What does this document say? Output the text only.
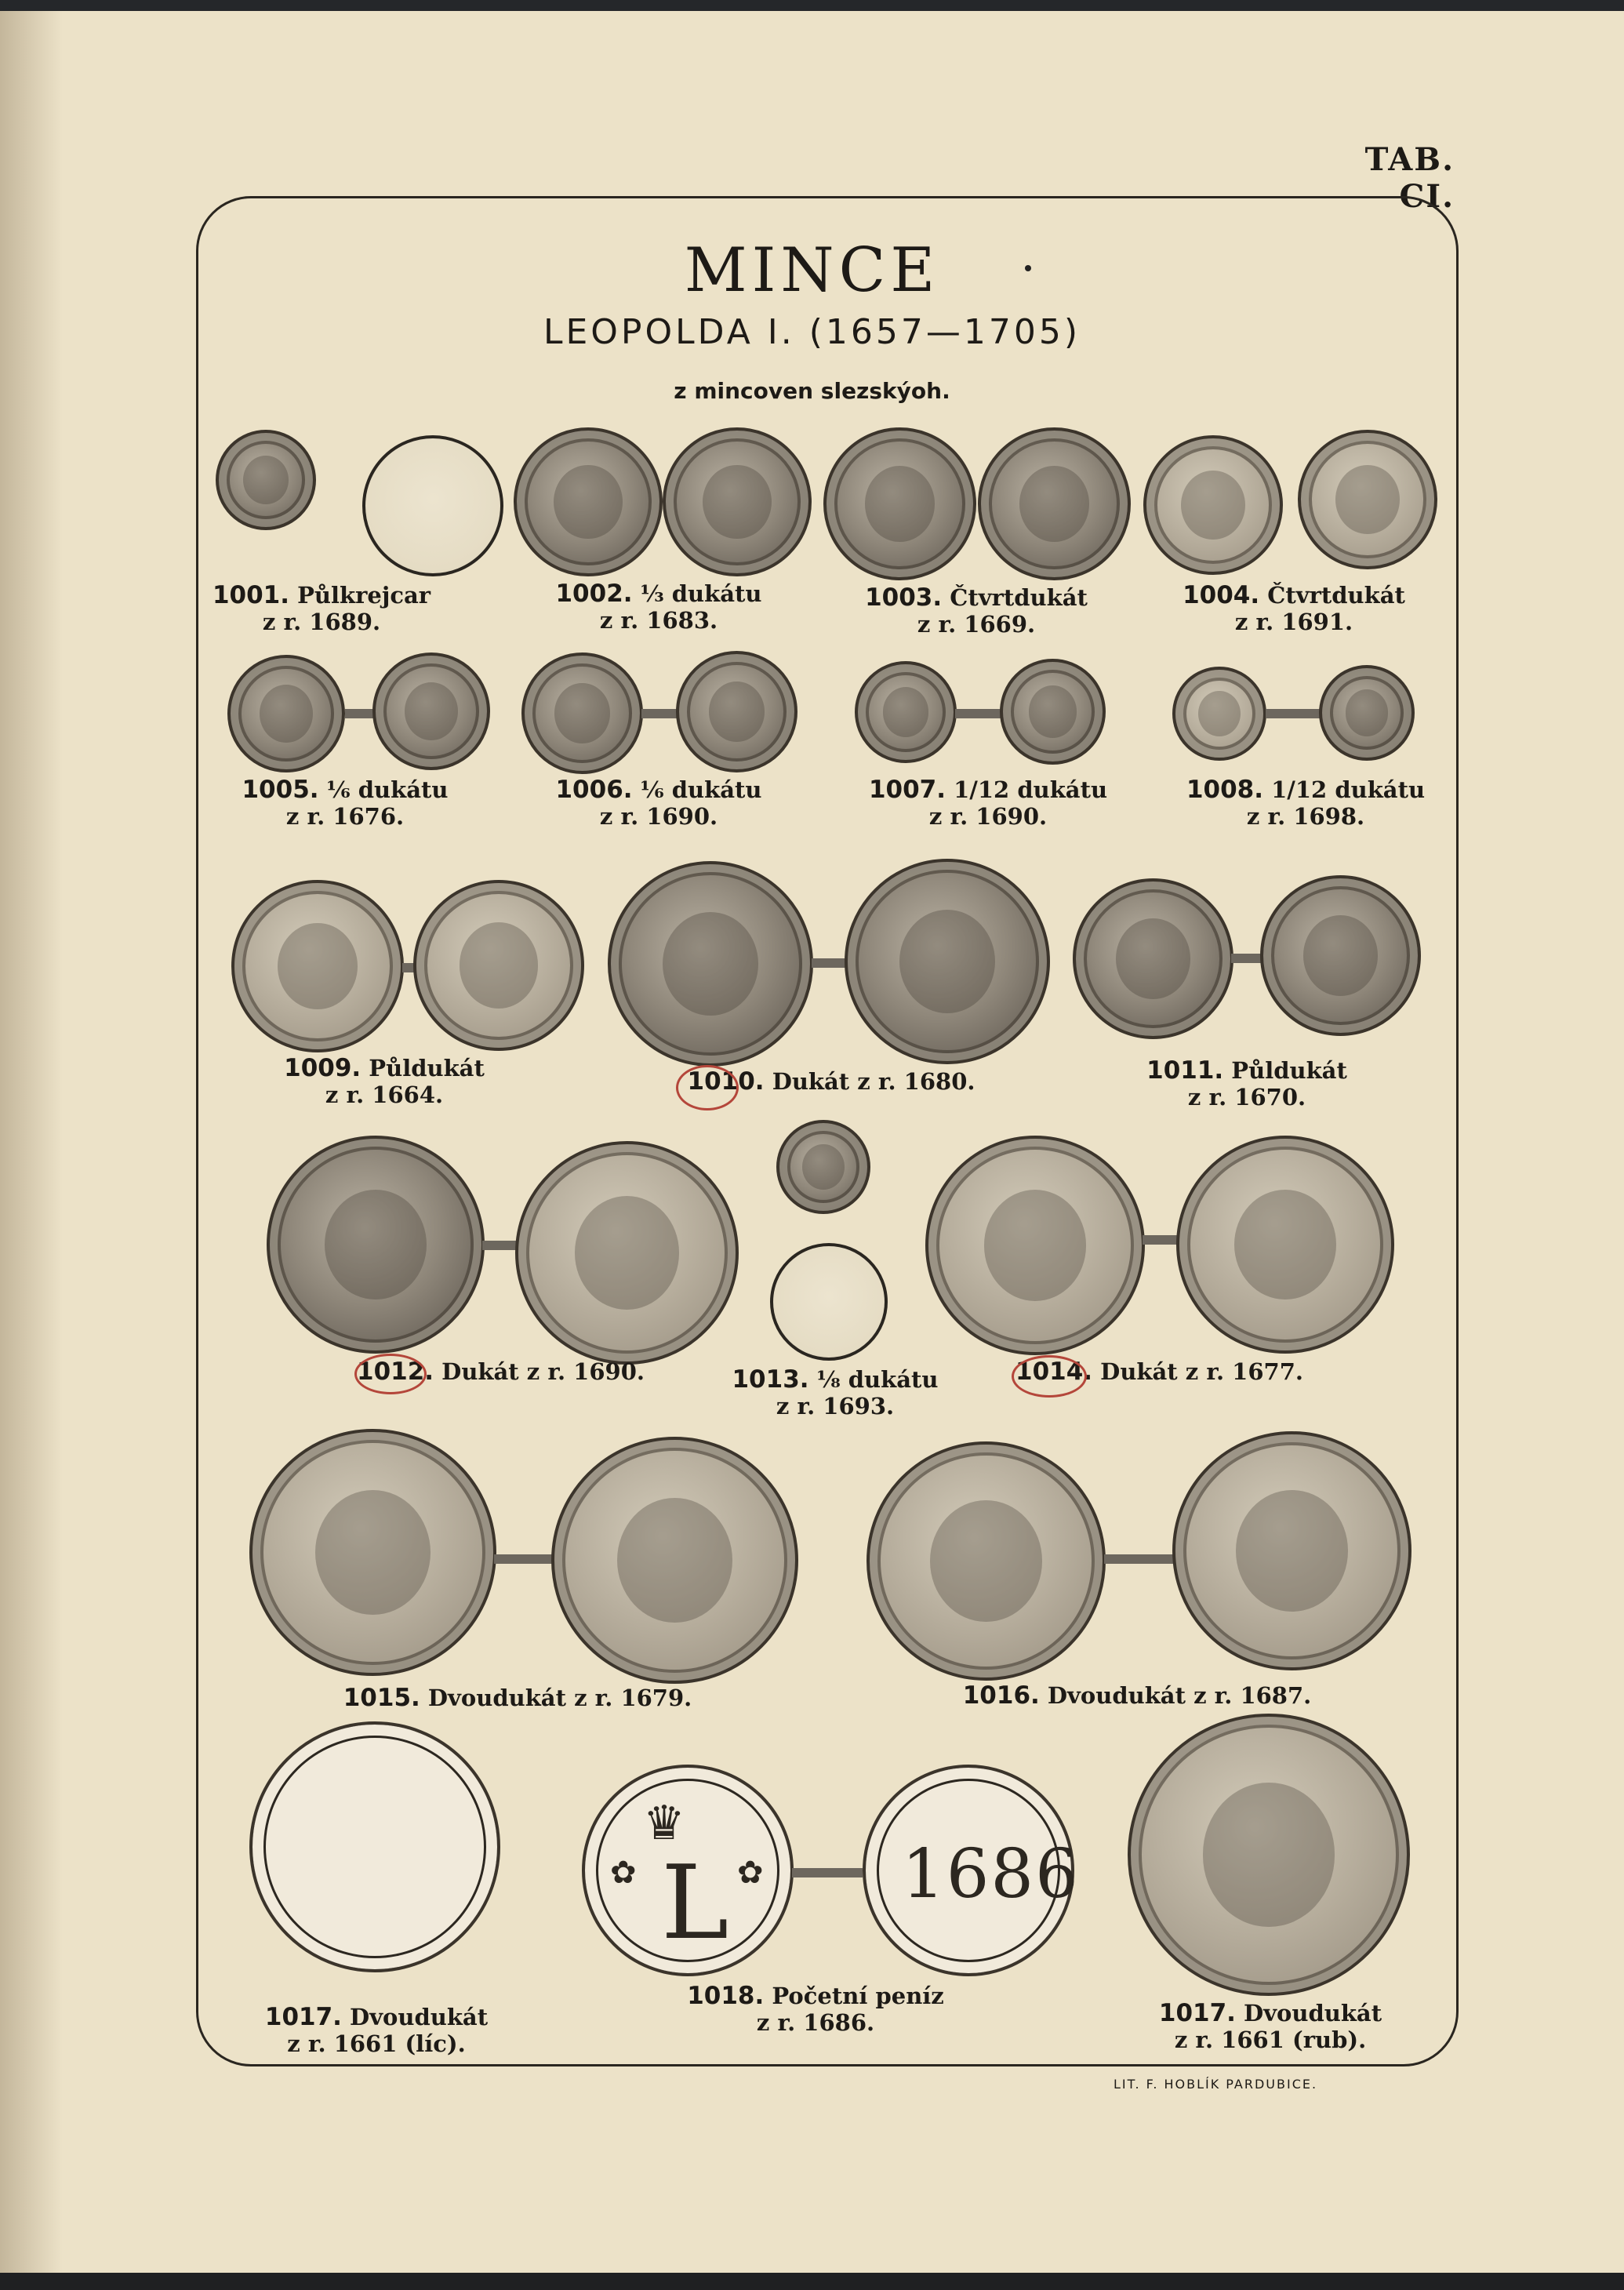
TAB. CI.
MINCE
LEOPOLDA I. (1657—1705)
z mincoven slezskýoh.
1001. Půlkrejcar
z r. 1689.
1002. ⅓ dukátu
z r. 1683.
1003. Čtvrtdukát
z r. 1669.
1004. Čtvrtdukát
z r. 1691.
1005. ⅙ dukátu
z r. 1676.
1006. ⅙ dukátu
z r. 1690.
1007. 1/12 dukátu
z r. 1690.
1008. 1/12 dukátu
z r. 1698.
1009. Půldukát
z r. 1664.	1010. Dukát z r. 1680.	1011. Půldukát
z r. 1670.
1012. Dukát z r. 1690.	1013. ⅛ dukátu
z r. 1693.
1014. Dukát z r. 1677.
1015. Dvoudukát z r. 1679.	1016. Dvoudukát z r. 1687.
♛
L
✿	✿ 1686
1017. Dvoudukát
z r. 1661 (líc).
1018. Početní peníz
z r. 1686.	1017. Dvoudukát
z r. 1661 (rub).
LIT. F. HOBLÍK PARDUBICE.
